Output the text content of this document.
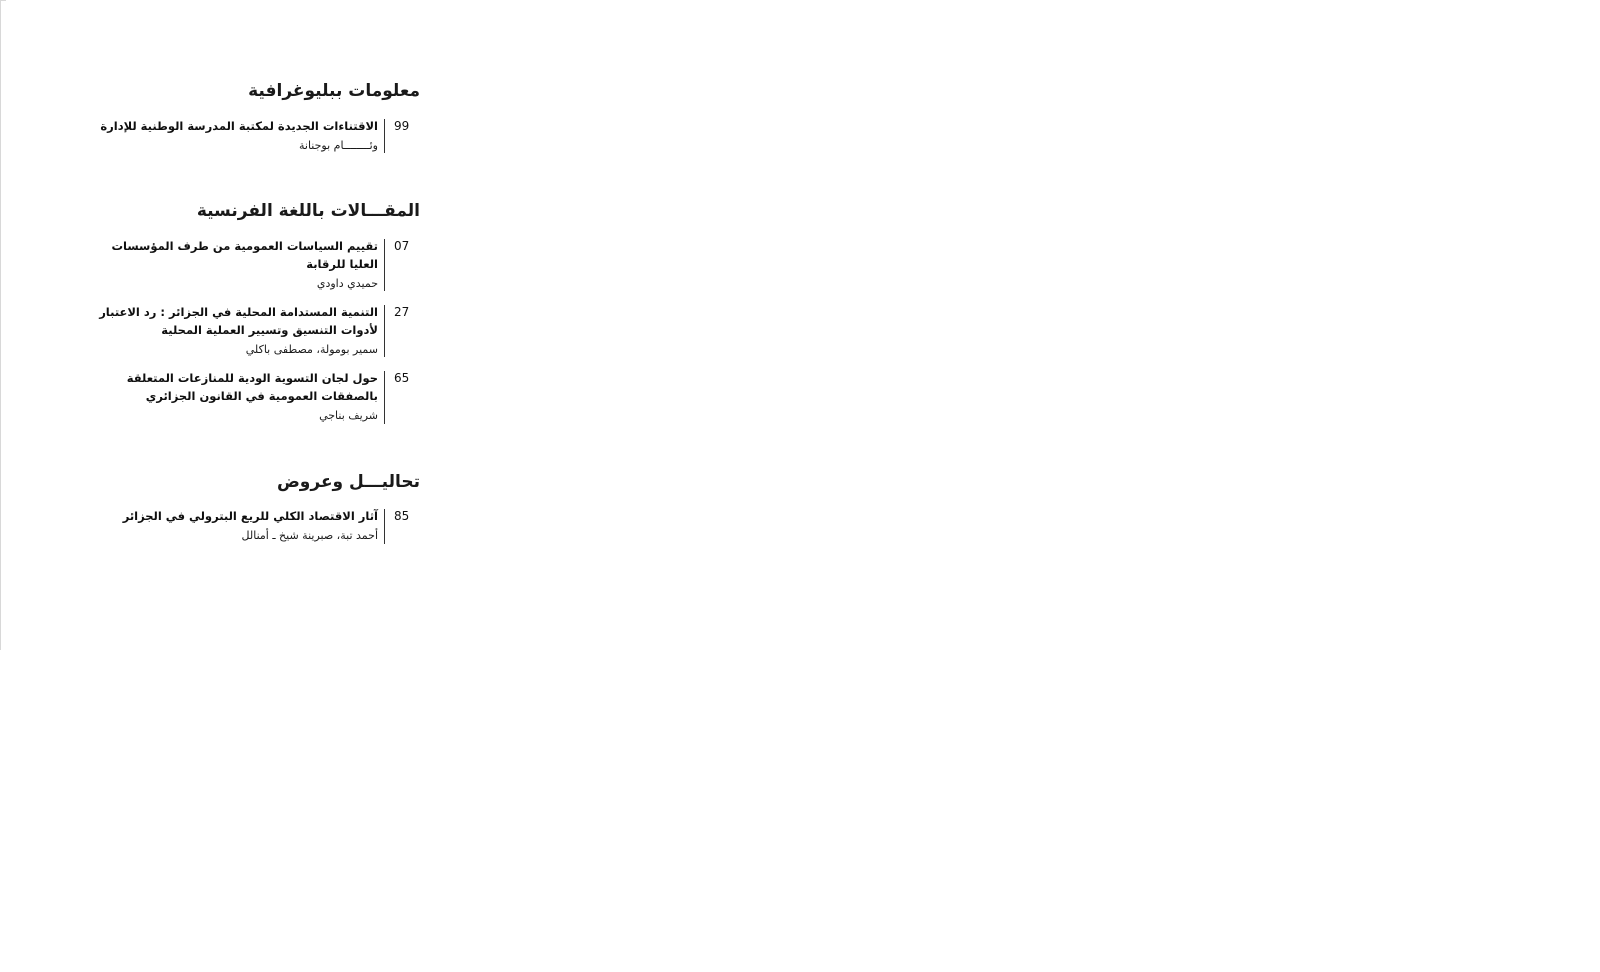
معلومات ببليوغرافية
99
الاقتناءات الجديدة لمكتبة المدرسة الوطنية للإدارة
وئــــــــام بوجنانة
المقـــالات باللغة الفرنسية
07
تقييم السياسات العمومية من طرف المؤسسات العليا للرقابة
حميدي داودي
27
التنمية المستدامة المحلية في الجزائر : رد الاعتبار لأدوات التنسيق وتسيير العملية المحلية
سمير بومولة، مصطفى باكلي
65
حول لجان التسوية الودية للمنازعات المتعلقة بالصفقات العمومية في القانون الجزائري
شريف بناجي
تحاليـــل وعروض
85
آثار الاقتصاد الكلي للريع البترولي في الجزائر
أحمد تبة، صبرينة شيخ ـ أمنالل
